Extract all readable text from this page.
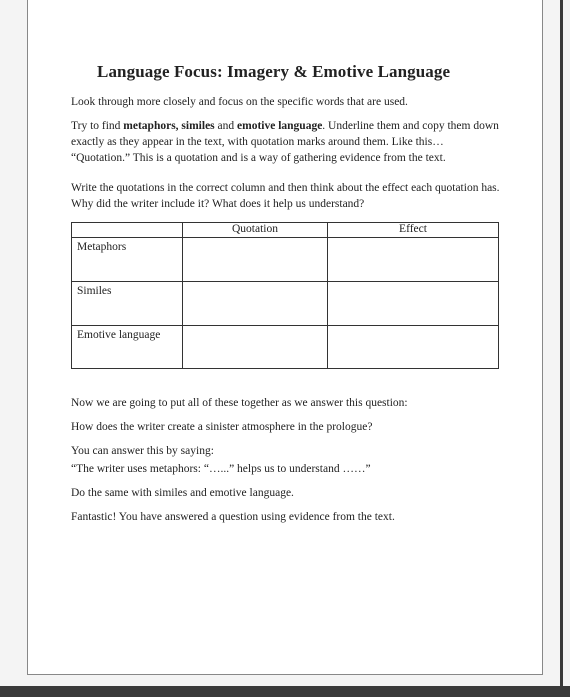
Language Focus: Imagery & Emotive Language

Look through more closely and focus on the specific words that are used.

Try to find metaphors, similes and emotive language. Underline them and copy them down exactly as they appear in the text, with quotation marks around them. Like this… “Quotation.” This is a quotation and is a way of gathering evidence from the text.

Write the quotations in the correct column and then think about the effect each quotation has. Why did the writer include it? What does it help us understand?

	Quotation	Effect
Metaphors		
Similes		
Emotive language		

Now we are going to put all of these together as we answer this question:

How does the writer create a sinister atmosphere in the prologue?

You can answer this by saying:

“The writer uses metaphors: “…...” helps us to understand ……”

Do the same with similes and emotive language.

Fantastic! You have answered a question using evidence from the text.
